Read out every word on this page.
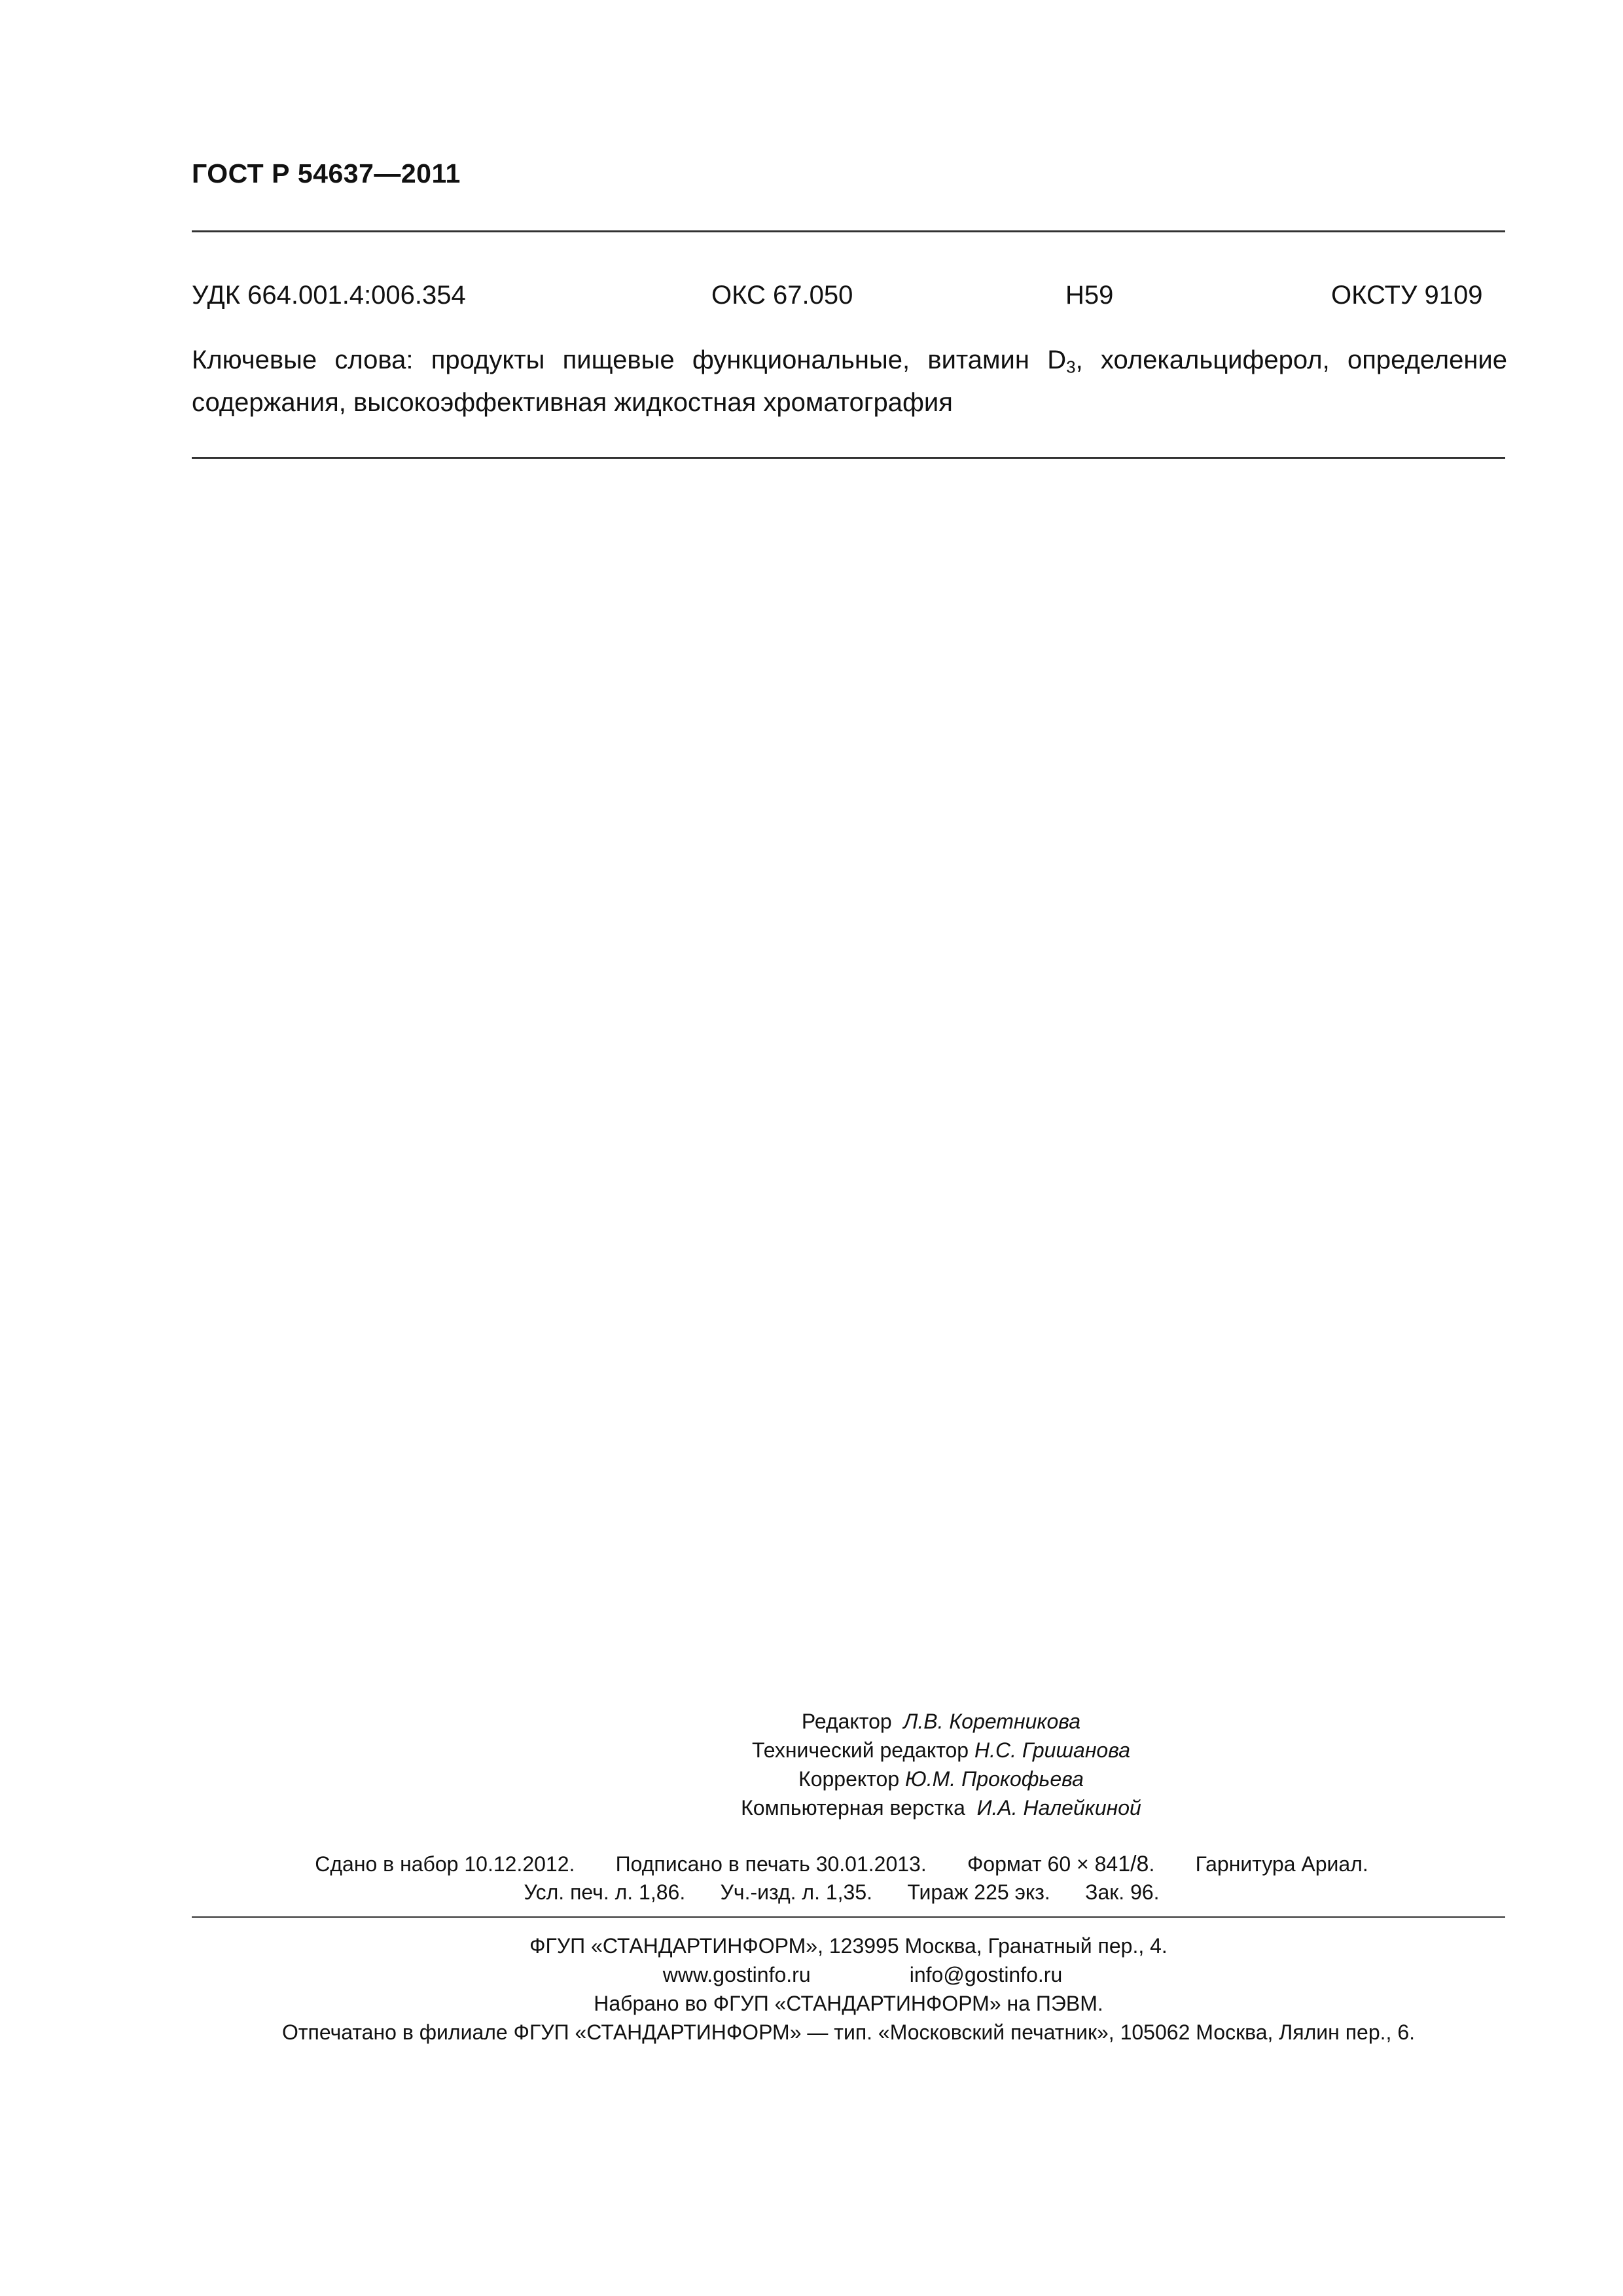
ГОСТ Р 54637—2011
УДК 664.001.4:006.354	ОКС 67.050	Н59	ОКСТУ 9109
Ключевые слова: продукты пищевые функциональные, витамин $D_3$, холекальциферол, определение содержания, высокоэффективная жидкостная хроматография
Редактор Л.В. Коретникова
Технический редактор Н.С. Гришанова
Корректор Ю.М. Прокофьева
Компьютерная верстка И.А. Налейкиной
Сдано в набор 10.12.2012. Подписано в печать 30.01.2013. Формат 60 × 841/8. Гарнитура Ариал.
Усл. печ. л. 1,86. Уч.-изд. л. 1,35. Тираж 225 экз. Зак. 96.
ФГУП «СТАНДАРТИНФОРМ», 123995 Москва, Гранатный пер., 4.
www.gostinfo.ru	info@gostinfo.ru
Набрано во ФГУП «СТАНДАРТИНФОРМ» на ПЭВМ.
Отпечатано в филиале ФГУП «СТАНДАРТИНФОРМ» — тип. «Московский печатник», 105062 Москва, Лялин пер., 6.
